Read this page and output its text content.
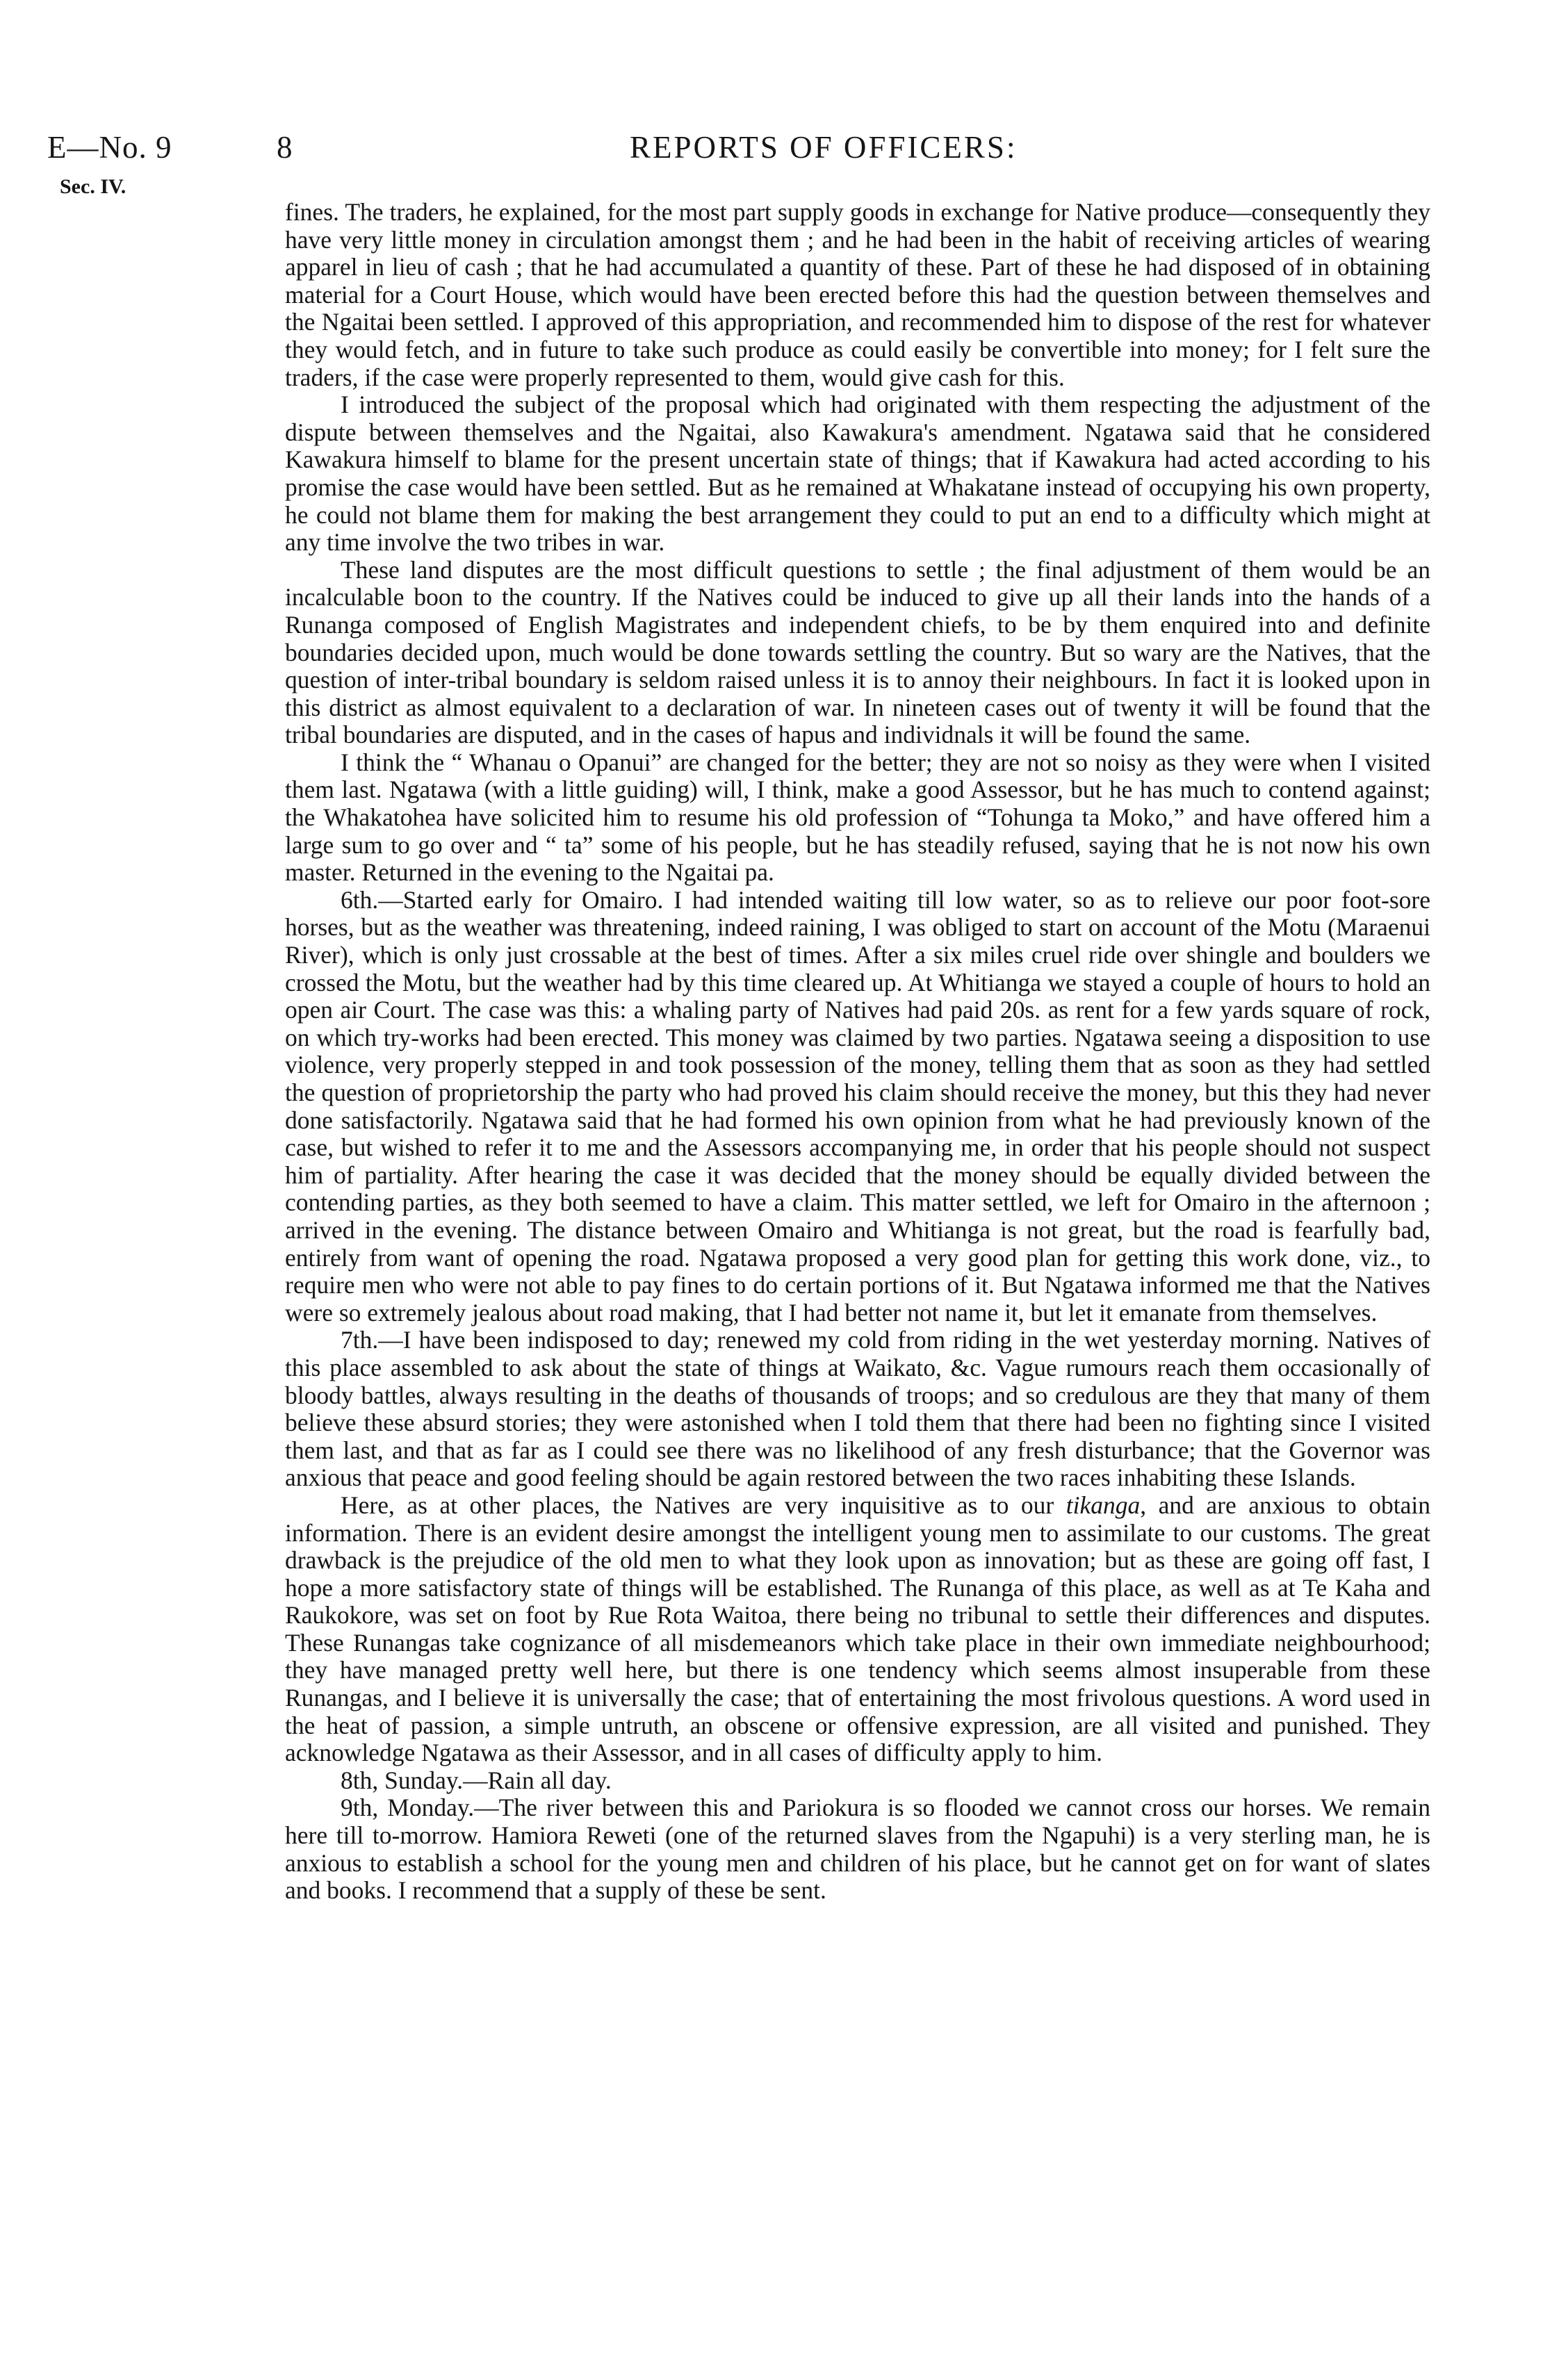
E—No. 9
Sec. IV.
8	REPORTS OF OFFICERS:

fines. The traders, he explained, for the most part supply goods in exchange for Native produce—consequently they have very little money in circulation amongst them ; and he had been in the habit of receiving articles of wearing apparel in lieu of cash ; that he had accumulated a quantity of these. Part of these he had disposed of in obtaining material for a Court House, which would have been erected before this had the question between themselves and the Ngaitai been settled. I approved of this appropriation, and recommended him to dispose of the rest for whatever they would fetch, and in future to take such produce as could easily be convertible into money; for I felt sure the traders, if the case were properly represented to them, would give cash for this.

I introduced the subject of the proposal which had originated with them respecting the adjustment of the dispute between themselves and the Ngaitai, also Kawakura's amendment. Ngatawa said that he considered Kawakura himself to blame for the present uncertain state of things; that if Kawakura had acted according to his promise the case would have been settled. But as he remained at Whakatane instead of occupying his own property, he could not blame them for making the best arrangement they could to put an end to a difficulty which might at any time involve the two tribes in war.

These land disputes are the most difficult questions to settle ; the final adjustment of them would be an incalculable boon to the country. If the Natives could be induced to give up all their lands into the hands of a Runanga composed of English Magistrates and independent chiefs, to be by them enquired into and definite boundaries decided upon, much would be done towards settling the country. But so wary are the Natives, that the question of inter-tribal boundary is seldom raised unless it is to annoy their neighbours. In fact it is looked upon in this district as almost equivalent to a declaration of war. In nineteen cases out of twenty it will be found that the tribal boundaries are disputed, and in the cases of hapus and individnals it will be found the same.

I think the “ Whanau o Opanui” are changed for the better; they are not so noisy as they were when I visited them last. Ngatawa (with a little guiding) will, I think, make a good Assessor, but he has much to contend against; the Whakatohea have solicited him to resume his old profession of “Tohunga ta Moko,” and have offered him a large sum to go over and “ ta” some of his people, but he has steadily refused, saying that he is not now his own master. Returned in the evening to the Ngaitai pa.

6th.—Started early for Omairo. I had intended waiting till low water, so as to relieve our poor foot-sore horses, but as the weather was threatening, indeed raining, I was obliged to start on account of the Motu (Maraenui River), which is only just crossable at the best of times. After a six miles cruel ride over shingle and boulders we crossed the Motu, but the weather had by this time cleared up. At Whitianga we stayed a couple of hours to hold an open air Court. The case was this: a whaling party of Natives had paid 20s. as rent for a few yards square of rock, on which try-works had been erected. This money was claimed by two parties. Ngatawa seeing a disposition to use violence, very properly stepped in and took possession of the money, telling them that as soon as they had settled the question of proprietorship the party who had proved his claim should receive the money, but this they had never done satisfactorily. Ngatawa said that he had formed his own opinion from what he had previously known of the case, but wished to refer it to me and the Assessors accompanying me, in order that his people should not suspect him of partiality. After hearing the case it was decided that the money should be equally divided between the contending parties, as they both seemed to have a claim. This matter settled, we left for Omairo in the afternoon ; arrived in the evening. The distance between Omairo and Whitianga is not great, but the road is fearfully bad, entirely from want of opening the road. Ngatawa proposed a very good plan for getting this work done, viz., to require men who were not able to pay fines to do certain portions of it. But Ngatawa informed me that the Natives were so extremely jealous about road making, that I had better not name it, but let it emanate from themselves.

7th.—I have been indisposed to day; renewed my cold from riding in the wet yesterday morning. Natives of this place assembled to ask about the state of things at Waikato, &c. Vague rumours reach them occasionally of bloody battles, always resulting in the deaths of thousands of troops; and so credulous are they that many of them believe these absurd stories; they were astonished when I told them that there had been no fighting since I visited them last, and that as far as I could see there was no likelihood of any fresh disturbance; that the Governor was anxious that peace and good feeling should be again restored between the two races inhabiting these Islands.

Here, as at other places, the Natives are very inquisitive as to our tikanga, and are anxious to obtain information. There is an evident desire amongst the intelligent young men to assimilate to our customs. The great drawback is the prejudice of the old men to what they look upon as innovation; but as these are going off fast, I hope a more satisfactory state of things will be established. The Runanga of this place, as well as at Te Kaha and Raukokore, was set on foot by Rue Rota Waitoa, there being no tribunal to settle their differences and disputes. These Runangas take cognizance of all misdemeanors which take place in their own immediate neighbourhood; they have managed pretty well here, but there is one tendency which seems almost insuperable from these Runangas, and I believe it is universally the case; that of entertaining the most frivolous questions. A word used in the heat of passion, a simple untruth, an obscene or offensive expression, are all visited and punished. They acknowledge Ngatawa as their Assessor, and in all cases of difficulty apply to him.

8th, Sunday.—Rain all day.

9th, Monday.—The river between this and Pariokura is so flooded we cannot cross our horses. We remain here till to-morrow. Hamiora Reweti (one of the returned slaves from the Ngapuhi) is a very sterling man, he is anxious to establish a school for the young men and children of his place, but he cannot get on for want of slates and books. I recommend that a supply of these be sent.
